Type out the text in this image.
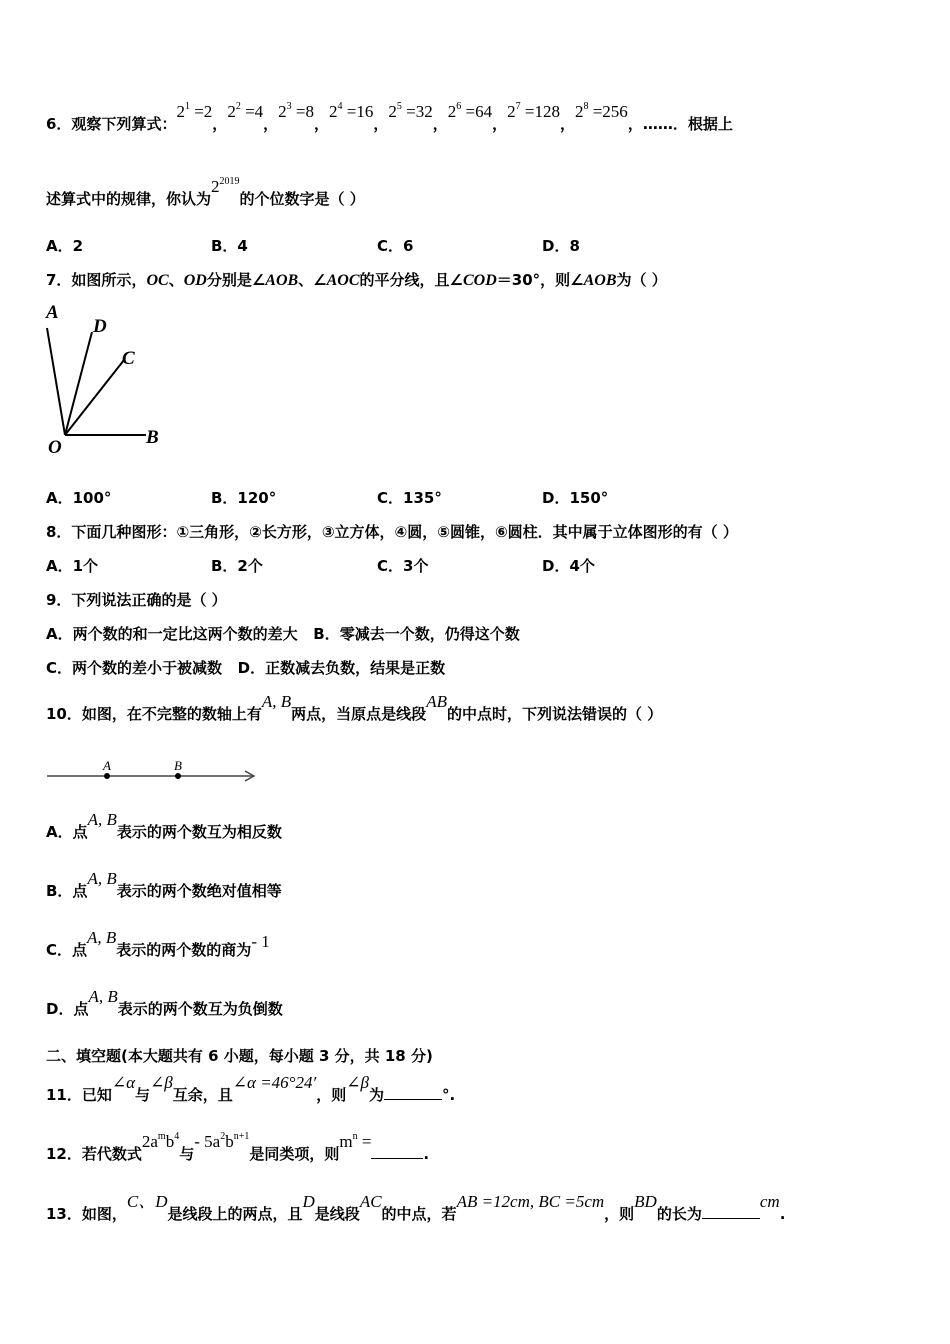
6．观察下列算式：$2^1 =2$，$2^2 =4$，$2^3 =8$，$2^4 =16$，$2^5 =32$，$2^6 =64$，$2^7 =128$，$2^8 =256$，……．根据上
述算式中的规律，你认为$2^{2019}$的个位数字是（ ）
A．2	B．4	C．6	D．8
7．如图所示，OC、OD分别是∠AOB、∠AOC的平分线，且∠COD＝30°，则∠AOB为（ ）
A
D
C
O	B
A．100°	B．120°	C．135°	D．150°
8．下面几种图形：①三角形，②长方形，③立方体，④圆，⑤圆锥，⑥圆柱．其中属于立体图形的有（ ）
A．1个	B．2个	C．3个	D．4个
9．下列说法正确的是（ ）
A．两个数的和一定比这两个数的差大   B．零减去一个数，仍得这个数
C．两个数的差小于被减数   D．正数减去负数，结果是正数
10．如图，在不完整的数轴上有A, B两点，当原点是线段AB的中点时，下列说法错误的（ ）
A	B
A．点A, B表示的两个数互为相反数
B．点A, B表示的两个数绝对值相等
C．点A, B表示的两个数的商为- 1
D．点A, B表示的两个数互为负倒数
二、填空题(本大题共有 6 小题，每小题 3 分，共 18 分)
11．已知∠α与∠β互余，且∠α =46°24′，则∠β为	°.
12．若代数式$2a^mb^4$与- $5a^2b^{n+1}$是同类项，则$m^n$ =.
13．如图，C、D是线段上的两点，且D是线段AC的中点，若AB =12cm, BC =5cm，则BD的长为cm.
